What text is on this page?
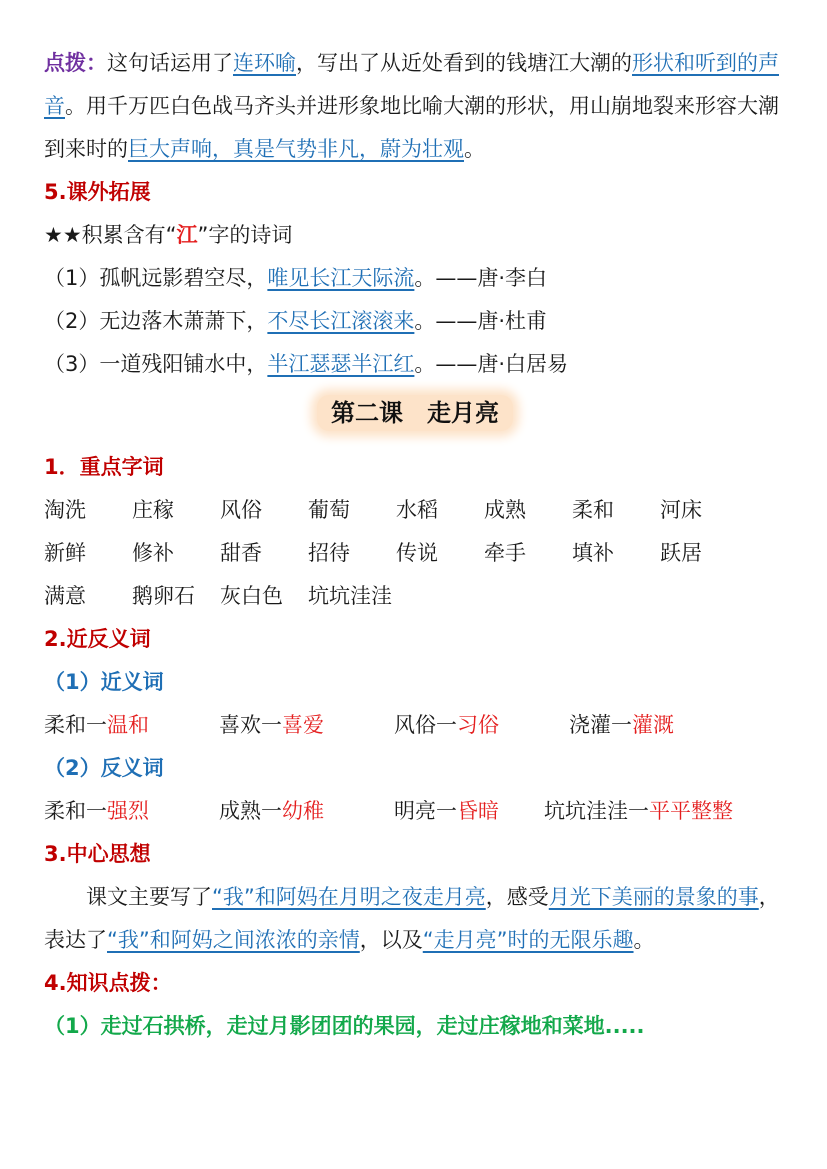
点拨：这句话运用了连环喻，写出了从近处看到的钱塘江大潮的形状和听到的声音。用千万匹白色战马齐头并进形象地比喻大潮的形状，用山崩地裂来形容大潮到来时的巨大声响，真是气势非凡，蔚为壮观。
5.课外拓展
★★积累含有“江”字的诗词
（1）孤帆远影碧空尽，唯见长江天际流。——唐·李白
（2）无边落木萧萧下，不尽长江滚滚来。——唐·杜甫
（3）一道残阳铺水中，半江瑟瑟半江红。——唐·白居易
第二课　走月亮
1．重点字词
淘洗	庄稼	风俗	葡萄	水稻	成熟	柔和	河床
新鲜	修补	甜香	招待	传说	牵手	填补	跃居
满意 鹅卵石 灰白色 坑坑洼洼
2.近反义词
（1）近义词
柔和一温和	喜欢一喜爱	风俗一习俗	浇灌一灌溉
（2）反义词
柔和一强烈	成熟一幼稚	明亮一昏暗 坑坑洼洼一平平整整
3.中心思想
课文主要写了“我”和阿妈在月明之夜走月亮，感受月光下美丽的景象的事，表达了“我”和阿妈之间浓浓的亲情，以及“走月亮”时的无限乐趣。
4.知识点拨：
（1）走过石拱桥，走过月影团团的果园，走过庄稼地和菜地.....
